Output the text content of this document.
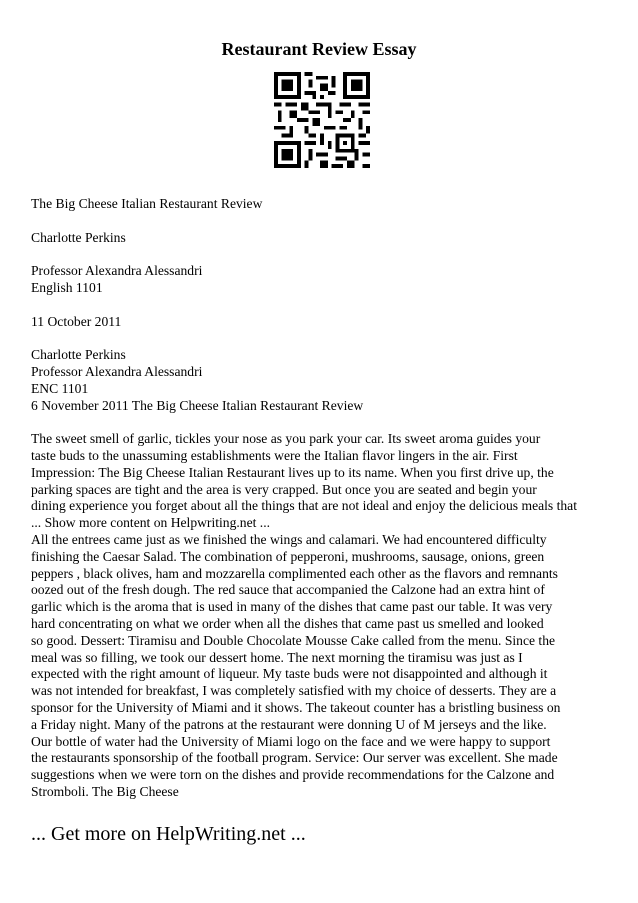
Restaurant Review Essay

The Big Cheese Italian Restaurant Review

Charlotte Perkins

Professor Alexandra Alessandri
English 1101

11 October 2011

Charlotte Perkins
Professor Alexandra Alessandri
ENC 1101
6 November 2011 The Big Cheese Italian Restaurant Review

The sweet smell of garlic, tickles your nose as you park your car. Its sweet aroma guides your
taste buds to the unassuming establishments were the Italian flavor lingers in the air. First
Impression: The Big Cheese Italian Restaurant lives up to its name. When you first drive up, the
parking spaces are tight and the area is very crapped. But once you are seated and begin your
dining experience you forget about all the things that are not ideal and enjoy the delicious meals that
... Show more content on Helpwriting.net ...

All the entrees came just as we finished the wings and calamari. We had encountered difficulty
finishing the Caesar Salad. The combination of pepperoni, mushrooms, sausage, onions, green
peppers , black olives, ham and mozzarella complimented each other as the flavors and remnants
oozed out of the fresh dough. The red sauce that accompanied the Calzone had an extra hint of
garlic which is the aroma that is used in many of the dishes that came past our table. It was very
hard concentrating on what we order when all the dishes that came past us smelled and looked
so good. Dessert: Tiramisu and Double Chocolate Mousse Cake called from the menu. Since the
meal was so filling, we took our dessert home. The next morning the tiramisu was just as I
expected with the right amount of liqueur. My taste buds were not disappointed and although it
was not intended for breakfast, I was completely satisfied with my choice of desserts. They are a
sponsor for the University of Miami and it shows. The takeout counter has a bristling business on
a Friday night. Many of the patrons at the restaurant were donning U of M jerseys and the like.
Our bottle of water had the University of Miami logo on the face and we were happy to support
the restaurants sponsorship of the football program. Service: Our server was excellent. She made
suggestions when we were torn on the dishes and provide recommendations for the Calzone and
Stromboli. The Big Cheese

... Get more on HelpWriting.net ...
